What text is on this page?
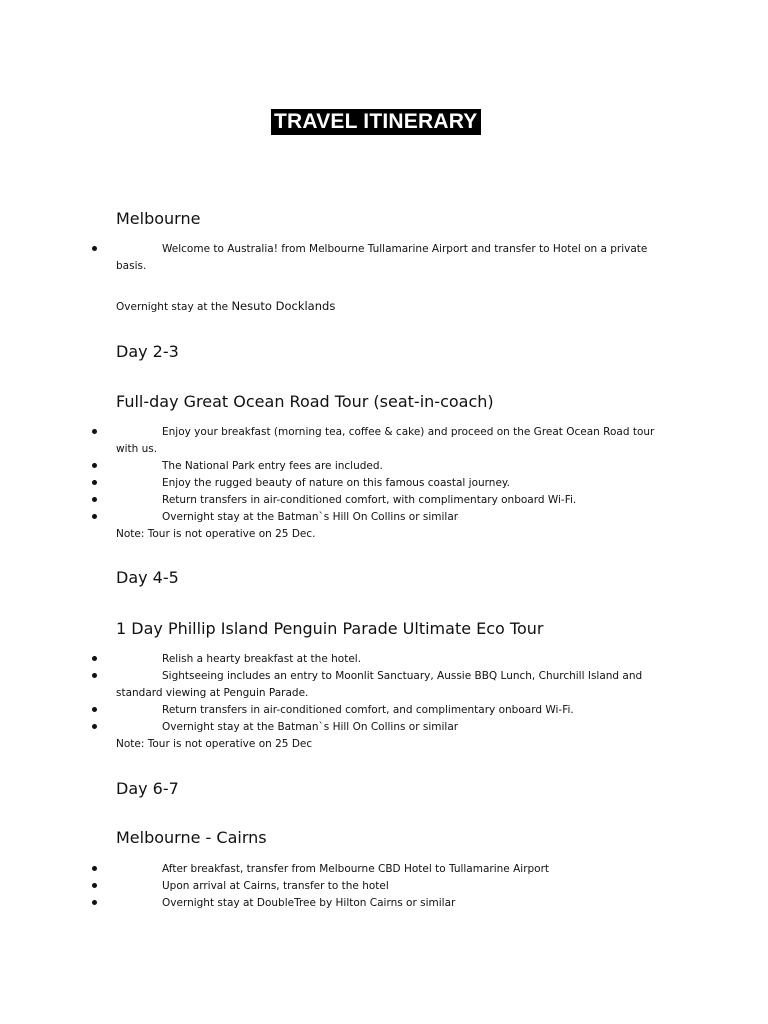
TRAVEL ITINERARY
Melbourne
Welcome to Australia! from Melbourne Tullamarine Airport and transfer to Hotel on a private basis.
Overnight stay at the Nesuto Docklands
Day 2-3
Full-day Great Ocean Road Tour (seat-in-coach)
Enjoy your breakfast (morning tea, coffee & cake) and proceed on the Great Ocean Road tour with us.
The National Park entry fees are included.
Enjoy the rugged beauty of nature on this famous coastal journey.
Return transfers in air-conditioned comfort, with complimentary onboard Wi-Fi.
Overnight stay at the Batman`s Hill On Collins or similar
Note: Tour is not operative on 25 Dec.
Day 4-5
1 Day Phillip Island Penguin Parade Ultimate Eco Tour
Relish a hearty breakfast at the hotel.
Sightseeing includes an entry to Moonlit Sanctuary, Aussie BBQ Lunch, Churchill Island and standard viewing at Penguin Parade.
Return transfers in air-conditioned comfort, and complimentary onboard Wi-Fi.
Overnight stay at the Batman`s Hill On Collins or similar
Note: Tour is not operative on 25 Dec
Day 6-7
Melbourne - Cairns
After breakfast, transfer from Melbourne CBD Hotel to Tullamarine Airport
Upon arrival at Cairns, transfer to the hotel
Overnight stay at DoubleTree by Hilton Cairns or similar
